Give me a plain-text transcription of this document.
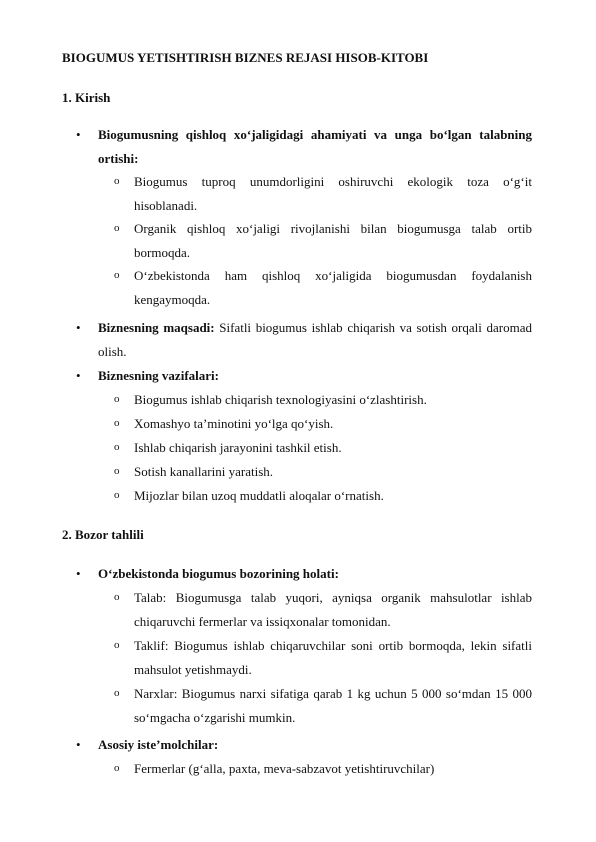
BIOGUMUS YETISHTIRISH BIZNES REJASI HISOB-KITOBI
1. Kirish
• Biogumusning qishloq xo‘jaligidagi ahamiyati va unga bo‘lgan talabning ortishi:
o Biogumus tuproq unumdorligini oshiruvchi ekologik toza o‘g‘it hisoblanadi.
o Organik qishloq xo‘jaligi rivojlanishi bilan biogumusga talab ortib bormoqda.
o O‘zbekistonda ham qishloq xo‘jaligida biogumusdan foydalanish kengaymoqda.
• Biznesning maqsadi: Sifatli biogumus ishlab chiqarish va sotish orqali daromad olish.
• Biznesning vazifalari:
o Biogumus ishlab chiqarish texnologiyasini o‘zlashtirish.
o Xomashyo ta’minotini yo‘lga qo‘yish.
o Ishlab chiqarish jarayonini tashkil etish.
o Sotish kanallarini yaratish.
o Mijozlar bilan uzoq muddatli aloqalar o‘rnatish.
2. Bozor tahlili
• O‘zbekistonda biogumus bozorining holati:
o Talab: Biogumusga talab yuqori, ayniqsa organik mahsulotlar ishlab chiqaruvchi fermerlar va issiqxonalar tomonidan.
o Taklif: Biogumus ishlab chiqaruvchilar soni ortib bormoqda, lekin sifatli mahsulot yetishmaydi.
o Narxlar: Biogumus narxi sifatiga qarab 1 kg uchun 5 000 so‘mdan 15 000 so‘mgacha o‘zgarishi mumkin.
• Asosiy iste’molchilar:
o Fermerlar (g‘alla, paxta, meva-sabzavot yetishtiruvchilar)
